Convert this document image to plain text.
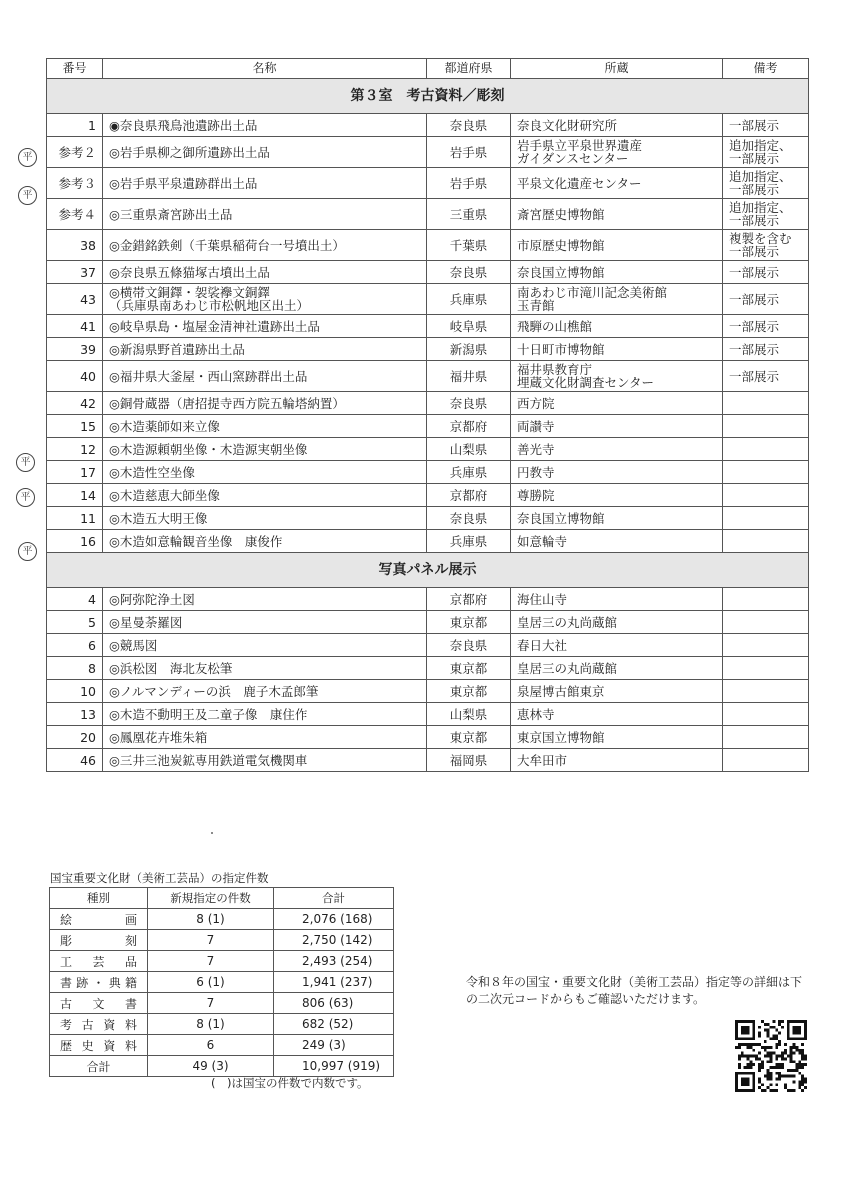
番号	名称	都道府県	所蔵	備考
第３室　考古資料／彫刻				
1	◉奈良県飛鳥池遺跡出土品	奈良県	奈良文化財研究所	一部展示
参考２	◎岩手県柳之御所遺跡出土品	岩手県	岩手県立平泉世界遺産
ガイダンスセンター	追加指定、
一部展示
参考３	◎岩手県平泉遺跡群出土品	岩手県	平泉文化遺産センター	追加指定、
一部展示
参考４	◎三重県斎宮跡出土品	三重県	斎宮歴史博物館	追加指定、
一部展示
38	◎金錯銘鉄剣（千葉県稲荷台一号墳出土）	千葉県	市原歴史博物館	複製を含む
一部展示
37	◎奈良県五條猫塚古墳出土品	奈良県	奈良国立博物館	一部展示
43	◎横帯文銅鐸・袈裟襷文銅鐸
（兵庫県南あわじ市松帆地区出土）	兵庫県	南あわじ市滝川記念美術館
玉青館	一部展示
41	◎岐阜県島・塩屋金清神社遺跡出土品	岐阜県	飛騨の山樵館	一部展示
39	◎新潟県野首遺跡出土品	新潟県	十日町市博物館	一部展示
40	◎福井県大釜屋・西山窯跡群出土品	福井県	福井県教育庁
埋蔵文化財調査センター	一部展示
42	◎銅骨蔵器（唐招提寺西方院五輪塔納置）	奈良県	西方院	
15	◎木造薬師如来立像	京都府	両讃寺	
12	◎木造源頼朝坐像・木造源実朝坐像	山梨県	善光寺	
17	◎木造性空坐像	兵庫県	円教寺	
14	◎木造慈恵大師坐像	京都府	尊勝院	
11	◎木造五大明王像	奈良県	奈良国立博物館	
16	◎木造如意輪観音坐像　康俊作	兵庫県	如意輪寺	
写真パネル展示				
4	◎阿弥陀浄土図	京都府	海住山寺	
5	◎星曼荼羅図	東京都	皇居三の丸尚蔵館	
6	◎競馬図	奈良県	春日大社	
8	◎浜松図　海北友松筆	東京都	皇居三の丸尚蔵館	
10	◎ノルマンディーの浜　鹿子木孟郎筆	東京都	泉屋博古館東京	
13	◎木造不動明王及二童子像　康住作	山梨県	恵林寺	
20	◎鳳凰花卉堆朱箱	東京都	東京国立博物館	
46	◎三井三池炭鉱専用鉄道電気機関車	福岡県	大牟田市	
平
平
平
平
平
国宝重要文化財（美術工芸品）の指定件数
種別	新規指定の件数	合計
絵画	8 (1)	2,076 (168)
彫刻	7	2,750 (142)
工芸品	7	2,493 (254)
書跡・典籍	6 (1)	1,941 (237)
古文書	7	806 (63)
考古資料	8 (1)	682 (52)
歴史資料	6	249 (3)
合計	49 (3)	10,997 (919)
(　)は国宝の件数で内数です。
令和８年の国宝・重要文化財（美術工芸品）指定等の詳細は下の二次元コードからもご確認いただけます。
